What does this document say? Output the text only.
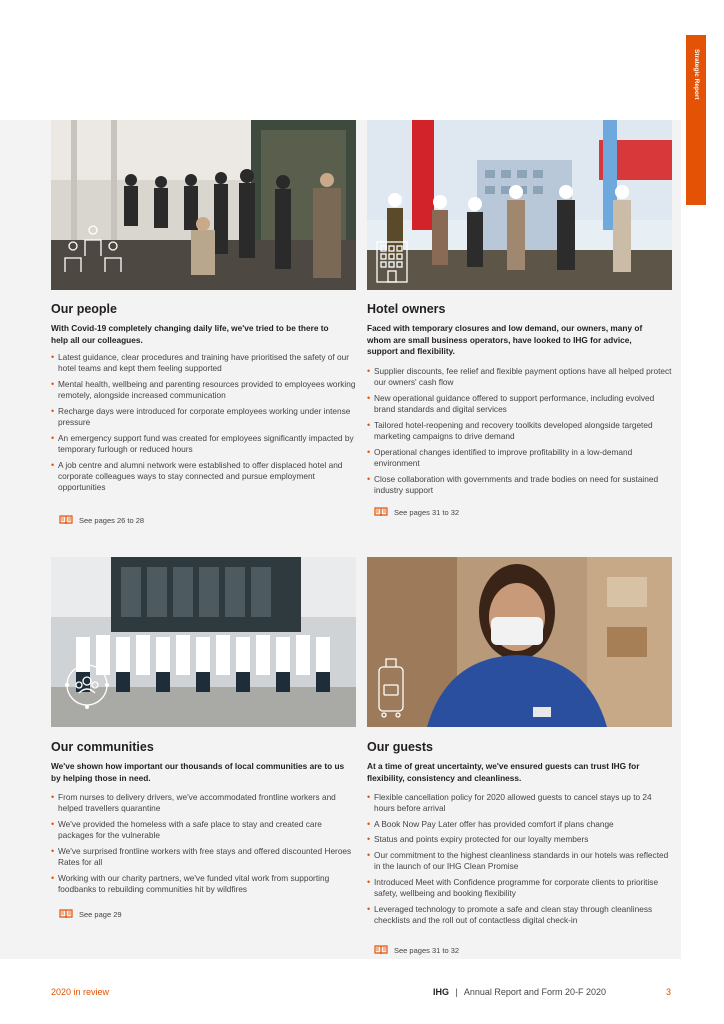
Strategic Report
Our people
With Covid-19 completely changing daily life, we've tried to be there to help all our colleagues.
• Latest guidance, clear procedures and training have prioritised the safety of our hotel teams and kept them feeling supported
• Mental health, wellbeing and parenting resources provided to employees working remotely, alongside increased communication
• Recharge days were introduced for corporate employees working under intense pressure
• An emergency support fund was created for employees significantly impacted by temporary furlough or reduced hours
• A job centre and alumni network were established to offer displaced hotel and corporate colleagues ways to stay connected and pursue employment opportunities
See pages 26 to 28
Hotel owners
Faced with temporary closures and low demand, our owners, many of whom are small business operators, have looked to IHG for advice, support and flexibility.
• Supplier discounts, fee relief and flexible payment options have all helped protect our owners' cash flow
• New operational guidance offered to support performance, including evolved brand standards and digital services
• Tailored hotel-reopening and recovery toolkits developed alongside targeted marketing campaigns to drive demand
• Operational changes identified to improve profitability in a low-demand environment
• Close collaboration with governments and trade bodies on need for sustained industry support
See pages 31 to 32
Our communities
We've shown how important our thousands of local communities are to us by helping those in need.
• From nurses to delivery drivers, we've accommodated frontline workers and helped travellers quarantine
• We've provided the homeless with a safe place to stay and created care packages for the vulnerable
• We've surprised frontline workers with free stays and offered discounted Heroes Rates for all
• Working with our charity partners, we've funded vital work from supporting foodbanks to rebuilding communities hit by wildfires
See page 29
Our guests
At a time of great uncertainty, we've ensured guests can trust IHG for flexibility, consistency and cleanliness.
• Flexible cancellation policy for 2020 allowed guests to cancel stays up to 24 hours before arrival
• A Book Now Pay Later offer has provided comfort if plans change
• Status and points expiry protected for our loyalty members
• Our commitment to the highest cleanliness standards in our hotels was reflected in the launch of our IHG Clean Promise
• Introduced Meet with Confidence programme for corporate clients to prioritise safety, wellbeing and booking flexibility
• Leveraged technology to promote a safe and clean stay through cleanliness checklists and the roll out of contactless digital check-in
See pages 31 to 32
2020 in review	IHG | Annual Report and Form 20-F 2020	3
